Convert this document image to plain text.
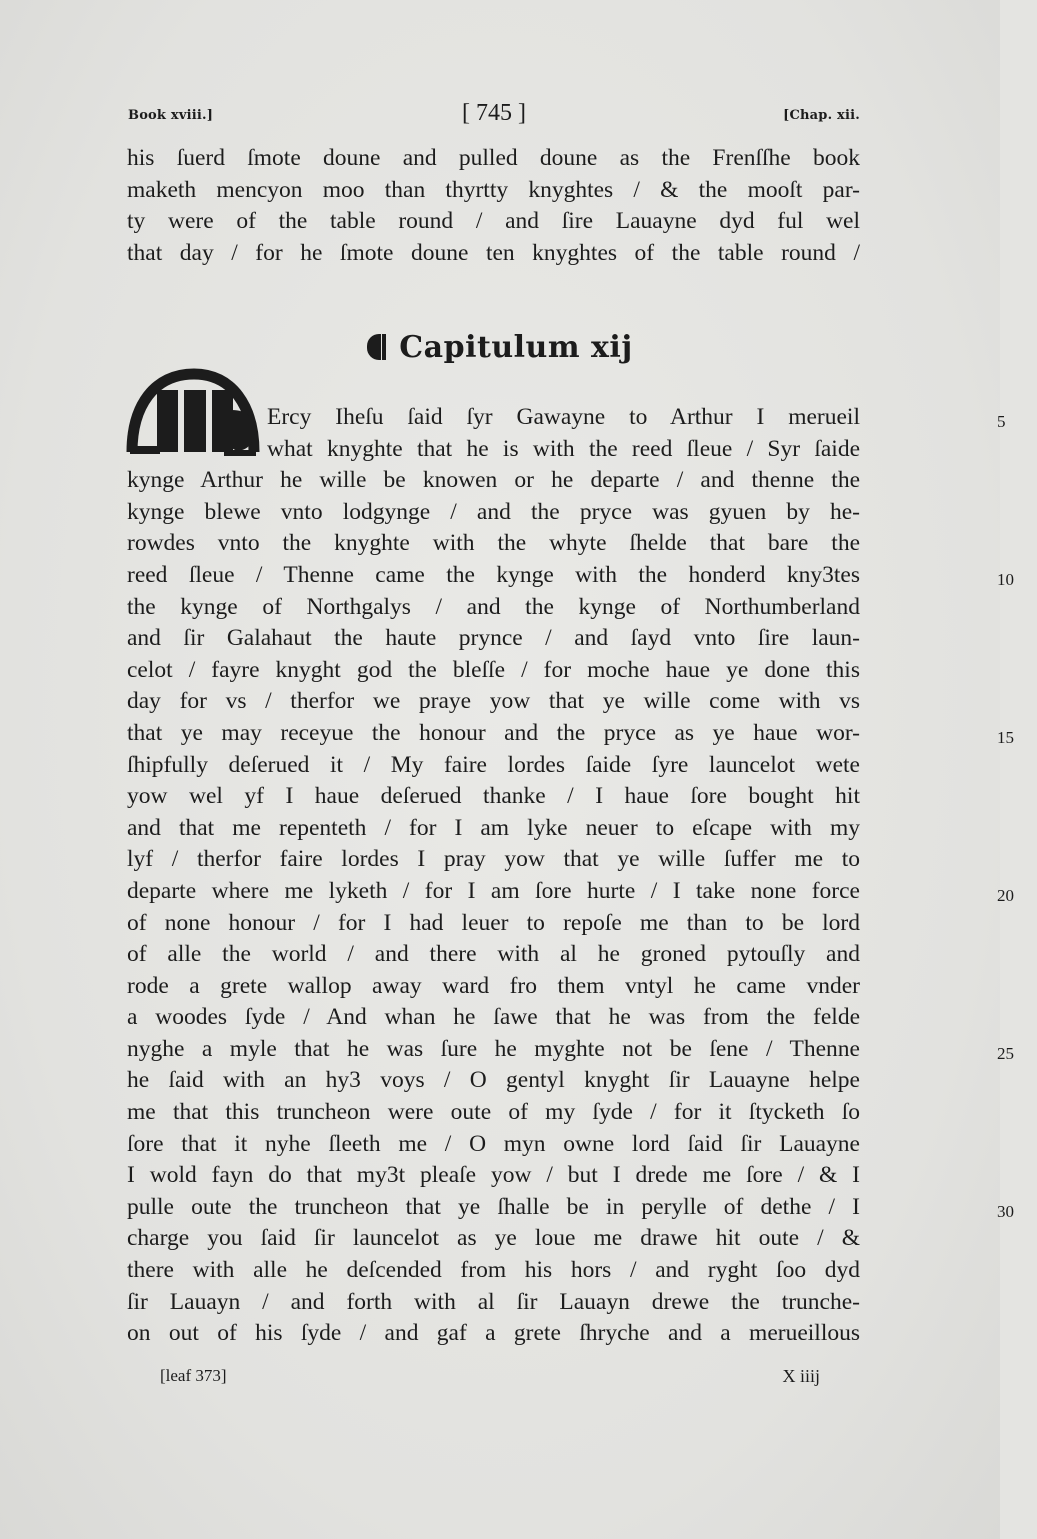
Book xviii.]	[ 745 ]	[Chap. xii.
his ſuerd ſmote doune and pulled doune as the Frenſſhe book
maketh mencyon moo than thyrtty knyghtes / & the mooſt par-
ty were of the table round / and ſire Lauayne dyd ful wel
that day / for he ſmote doune ten knyghtes of the table round /
Capitulum xij
M
Ercy Iheſu ſaid ſyr Gawayne to Arthur I merueil
what knyghte that he is with the reed ſleue / Syr ſaide
kynge Arthur he wille be knowen or he departe / and thenne the
kynge blewe vnto lodgynge / and the pryce was gyuen by he-
rowdes vnto the knyghte with the whyte ſhelde that bare the
reed ſleue / Thenne came the kynge with the honderd kny3tes
the kynge of Northgalys / and the kynge of Northumberland
and ſir Galahaut the haute prynce / and ſayd vnto ſire laun-
celot / fayre knyght god the bleſſe / for moche haue ye done this
day for vs / therfor we praye yow that ye wille come with vs
that ye may receyue the honour and the pryce as ye haue wor-
ſhipfully deſerued it / My faire lordes ſaide ſyre launcelot wete
yow wel yf I haue deſerued thanke / I haue ſore bought hit
and that me repenteth / for I am lyke neuer to eſcape with my
lyf / therfor faire lordes I pray yow that ye wille ſuffer me to
departe where me lyketh / for I am ſore hurte / I take none force
of none honour / for I had leuer to repoſe me than to be lord
of alle the world / and there with al he groned pytouſly and
rode a grete wallop away ward fro them vntyl he came vnder
a woodes ſyde / And whan he ſawe that he was from the felde
nyghe a myle that he was ſure he myghte not be ſene / Thenne
he ſaid with an hy3 voys / O gentyl knyght ſir Lauayne helpe
me that this truncheon were oute of my ſyde / for it ſtycketh ſo
ſore that it nyhe ſleeth me / O myn owne lord ſaid ſir Lauayne
I wold fayn do that my3t pleaſe yow / but I drede me ſore / & I
pulle oute the truncheon that ye ſhalle be in perylle of dethe / I
charge you ſaid ſir launcelot as ye loue me drawe hit oute / &
there with alle he deſcended from his hors / and ryght ſoo dyd
ſir Lauayn / and forth with al ſir Lauayn drewe the trunche-
on out of his ſyde / and gaf a grete ſhryche and a merueillous
5
10
15
20
25
30
[leaf 373]	X iiij
